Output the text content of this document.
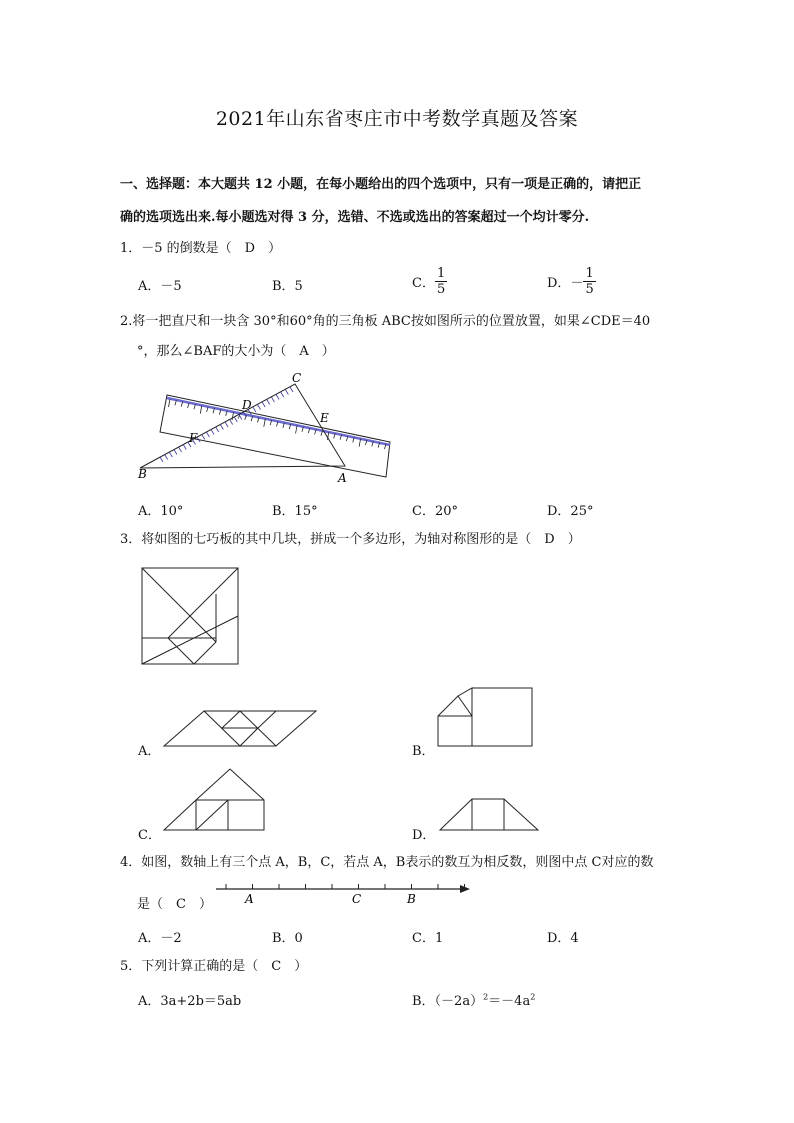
2021年山东省枣庄市中考数学真题及答案
一、选择题：本大题共 12 小题，在每小题给出的四个选项中，只有一项是正确的，请把正
确的选项选出来.每小题选对得 3 分，选错、不选或选出的答案超过一个均计零分.
1．－5 的倒数是（　D　）
A．－5	B．5	C． $\frac{1}{5}$	D．－ $\frac{1}{5}$
2.将一把直尺和一块含 30°和60°角的三角板 ABC按如图所示的位置放置，如果∠CDE＝40
°，那么∠BAF的大小为（　A　）
C
D
E
F
B	A
A．10°	B．15°	C．20°	D．25°
3．将如图的七巧板的其中几块，拼成一个多边形，为轴对称图形的是（　D　）
A．	B．
C．	D．
4．如图，数轴上有三个点 A，B，C，若点 A，B表示的数互为相反数，则图中点 C对应的数
是（　C　）	A	C	B
A．－2	B．0	C．1	D．4
5．下列计算正确的是（　C　）
A．3a+2b＝5ab	B．$(-2a)^2=-4a^2$
